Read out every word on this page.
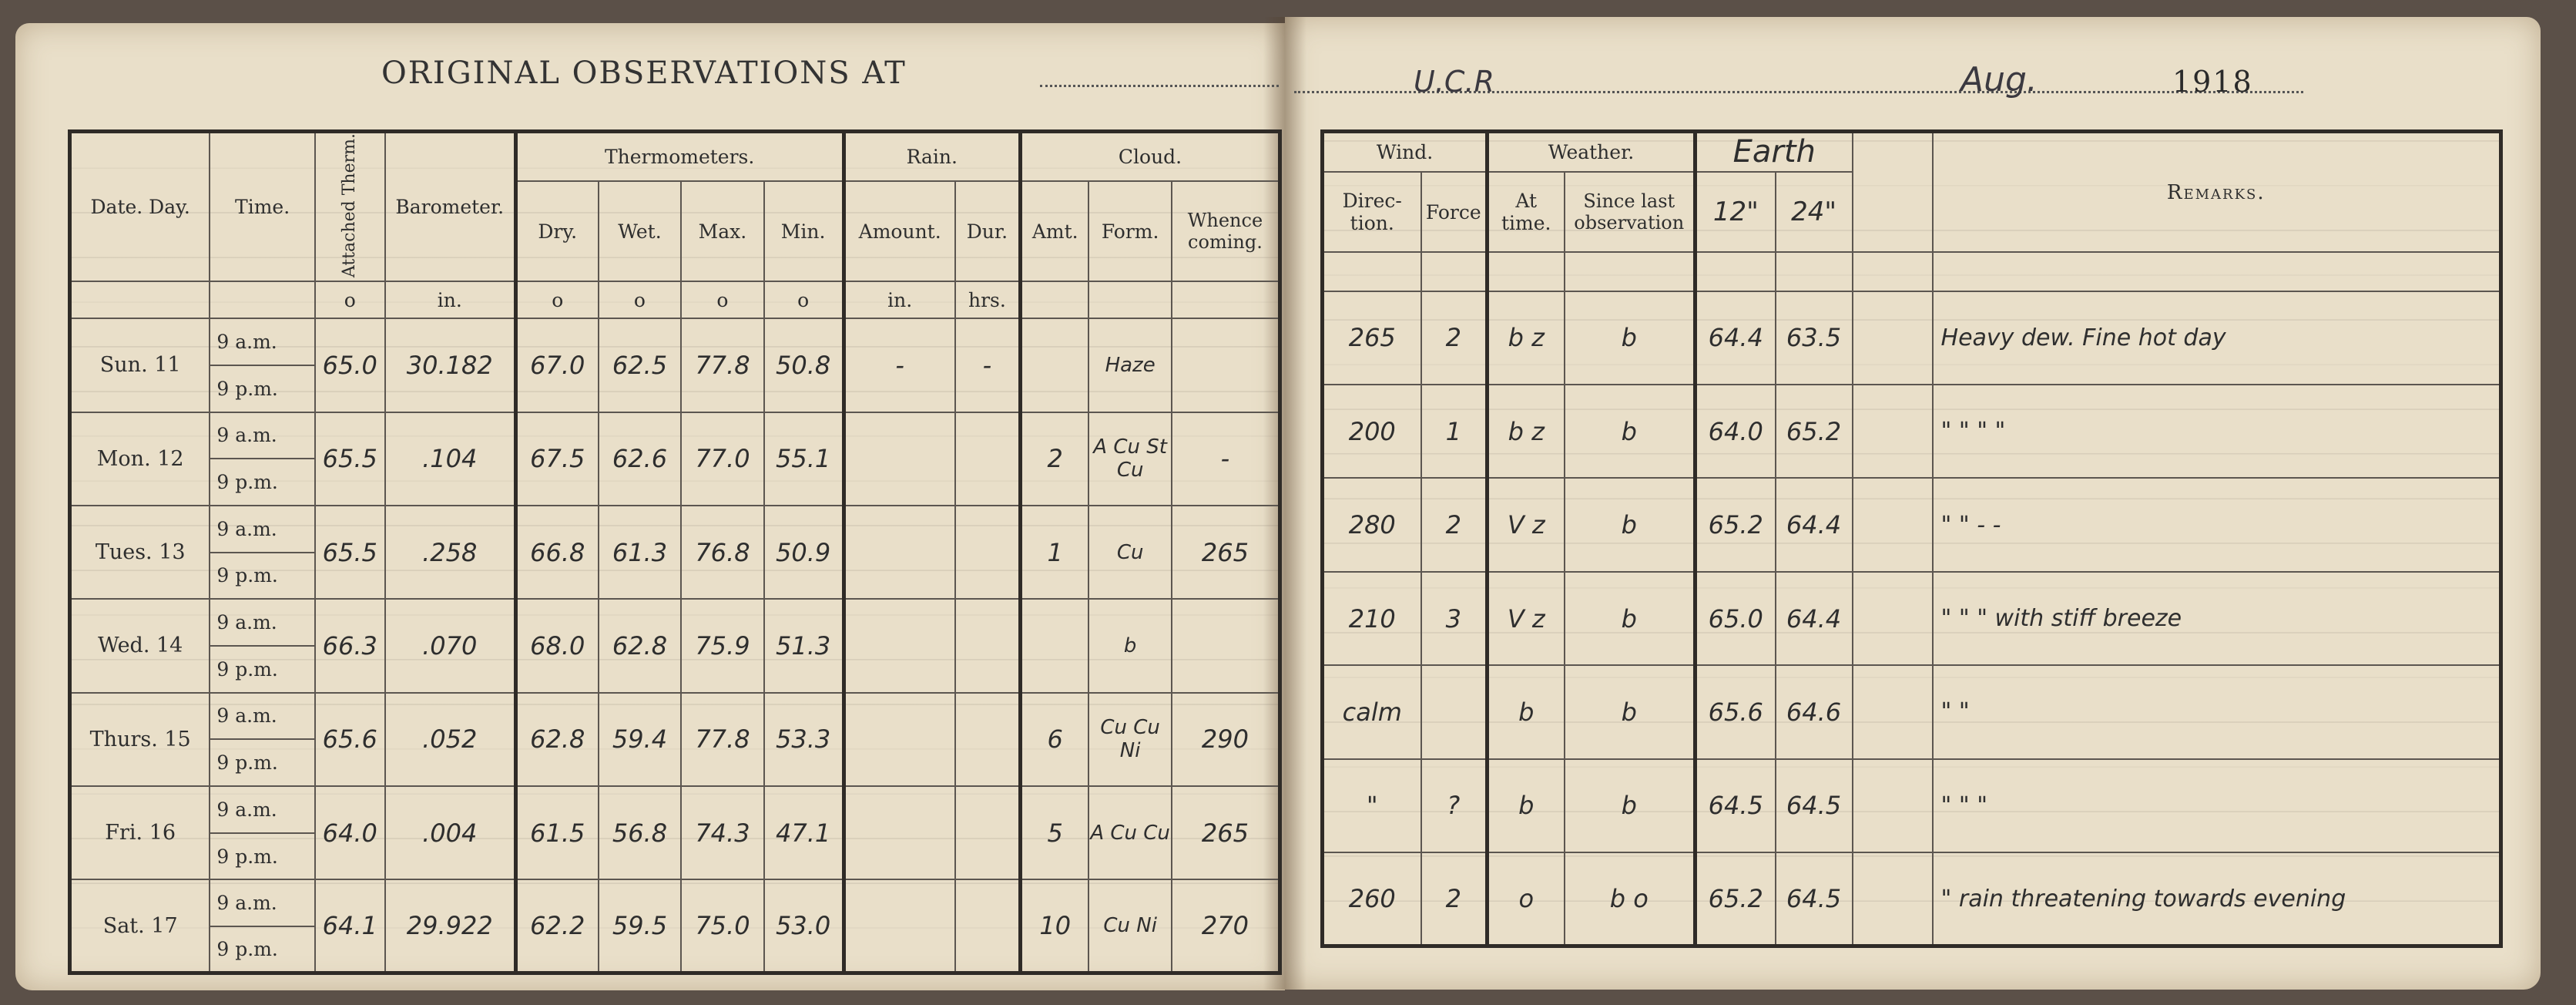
ORIGINAL OBSERVATIONS AT	U.C.R	Aug.	1918
Date. Day.	Time.	Attached Therm.	Barometer.	Thermometers.				Rain.		Cloud.		
				Dry.	Wet.	Max.	Min.	Amount.	Dur.	Amt.	Form.	Whence coming.
		o	in.	o	o	o	o	in.	hrs.			
Sun. 11	9 a.m.	65.0	30.182	67.0	62.5	77.8	50.8	-	-		Haze	
	9 p.m.											
Mon. 12	9 a.m.	65.5	.104	67.5	62.6	77.0	55.1			2	A Cu St Cu	-
	9 p.m.											
Tues. 13	9 a.m.	65.5	.258	66.8	61.3	76.8	50.9			1	Cu	265
	9 p.m.											
Wed. 14	9 a.m.	66.3	.070	68.0	62.8	75.9	51.3				b	
	9 p.m.											
Thurs. 15	9 a.m.	65.6	.052	62.8	59.4	77.8	53.3			6	Cu Cu Ni	290
	9 p.m.											
Fri. 16	9 a.m.	64.0	.004	61.5	56.8	74.3	47.1			5	A Cu Cu	265
	9 p.m.											
Sat. 17	9 a.m.	64.1	29.922	62.2	59.5	75.0	53.0			10	Cu Ni	270
	9 p.m.											
Wind.		Weather.		Earth			Remarks.
Direc-tion.	Force	At time.	Since last observation	12"	24"		

265	2	b z	b	64.4	63.5		Heavy dew. Fine hot day
200	1	b z	b	64.0	65.2		" " " "
280	2	V z	b	65.2	64.4		" " - -
210	3	V z	b	65.0	64.4		" " " with stiff breeze
calm		b	b	65.6	64.6		" "
"	?	b	b	64.5	64.5		" " "
260	2	o	b o	65.2	64.5		" rain threatening towards evening
